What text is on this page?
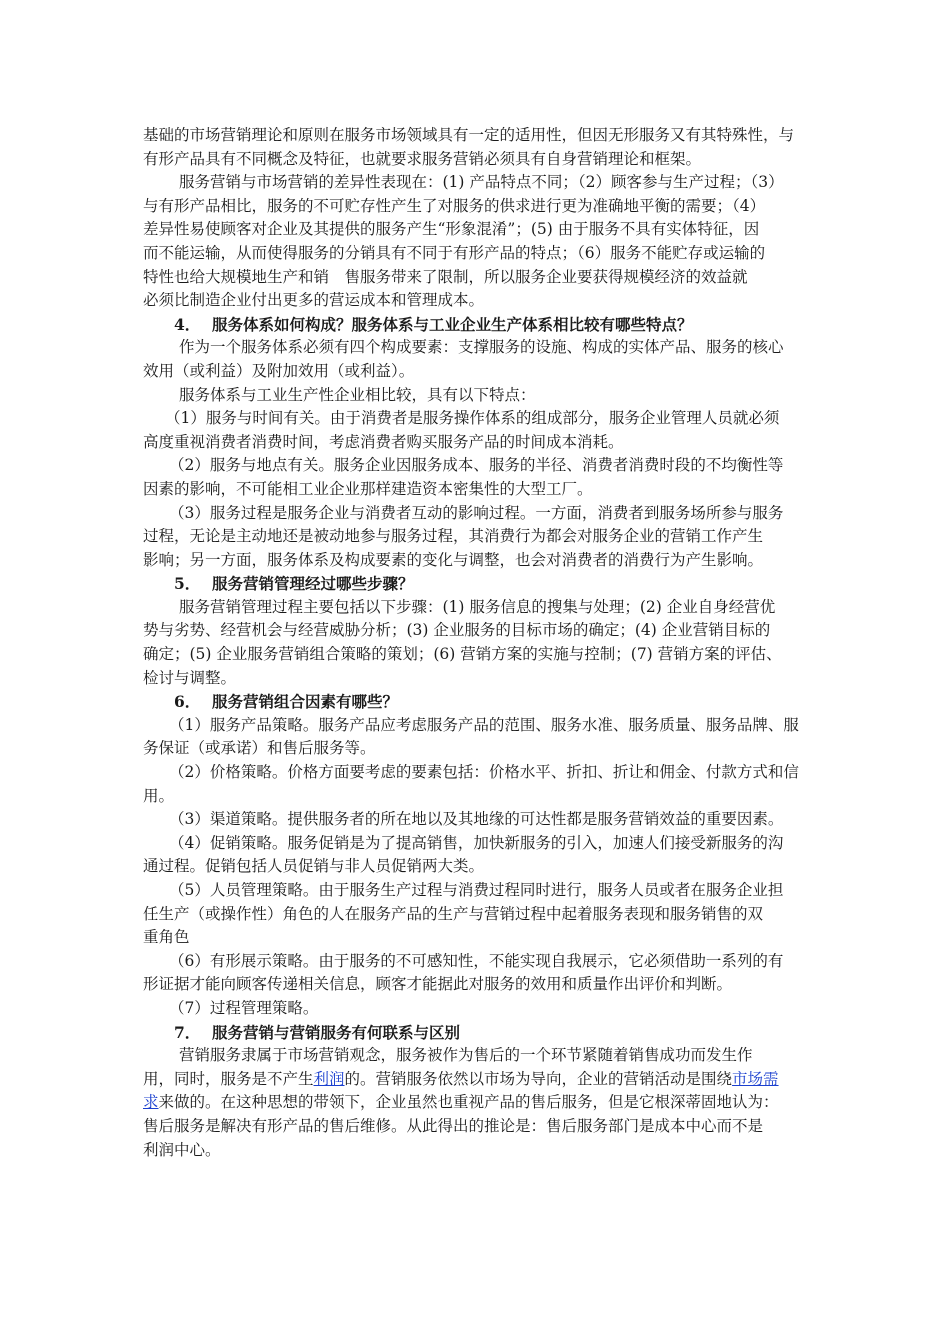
基础的市场营销理论和原则在服务市场领域具有一定的适用性，但因无形服务又有其特殊性，与
有形产品具有不同概念及特征，也就要求服务营销必须具有自身营销理论和框架。
服务营销与市场营销的差异性表现在：(1) 产品特点不同；（2）顾客参与生产过程；（3）
与有形产品相比，服务的不可贮存性产生了对服务的供求进行更为准确地平衡的需要；（4）
差异性易使顾客对企业及其提供的服务产生“形象混淆”；(5) 由于服务不具有实体特征，因
而不能运输，从而使得服务的分销具有不同于有形产品的特点；（6）服务不能贮存或运输的
特性也给大规模地生产和销　售服务带来了限制，所以服务企业要获得规模经济的效益就
必须比制造企业付出更多的营运成本和管理成本。
4． 服务体系如何构成？服务体系与工业企业生产体系相比较有哪些特点？
作为一个服务体系必须有四个构成要素：支撑服务的设施、构成的实体产品、服务的核心
效用（或利益）及附加效用（或利益）。
服务体系与工业生产性企业相比较，具有以下特点：
（1）服务与时间有关。由于消费者是服务操作体系的组成部分，服务企业管理人员就必须
高度重视消费者消费时间，考虑消费者购买服务产品的时间成本消耗。
（2）服务与地点有关。服务企业因服务成本、服务的半径、消费者消费时段的不均衡性等
因素的影响，不可能相工业企业那样建造资本密集性的大型工厂。
（3）服务过程是服务企业与消费者互动的影响过程。一方面，消费者到服务场所参与服务
过程，无论是主动地还是被动地参与服务过程，其消费行为都会对服务企业的营销工作产生
影响；另一方面，服务体系及构成要素的变化与调整，也会对消费者的消费行为产生影响。
5． 服务营销管理经过哪些步骤？
服务营销管理过程主要包括以下步骤：(1) 服务信息的搜集与处理；(2) 企业自身经营优
势与劣势、经营机会与经营威胁分析；(3) 企业服务的目标市场的确定；(4) 企业营销目标的
确定；(5) 企业服务营销组合策略的策划；(6) 营销方案的实施与控制；(7) 营销方案的评估、
检讨与调整。
6． 服务营销组合因素有哪些？
（1）服务产品策略。服务产品应考虑服务产品的范围、服务水准、服务质量、服务品牌、服
务保证（或承诺）和售后服务等。
（2）价格策略。价格方面要考虑的要素包括：价格水平、折扣、折让和佣金、付款方式和信
用。
（3）渠道策略。提供服务者的所在地以及其地缘的可达性都是服务营销效益的重要因素。
（4）促销策略。服务促销是为了提高销售，加快新服务的引入，加速人们接受新服务的沟
通过程。促销包括人员促销与非人员促销两大类。
（5）人员管理策略。由于服务生产过程与消费过程同时进行，服务人员或者在服务企业担
任生产（或操作性）角色的人在服务产品的生产与营销过程中起着服务表现和服务销售的双
重角色
（6）有形展示策略。由于服务的不可感知性，不能实现自我展示，它必须借助一系列的有
形证据才能向顾客传递相关信息，顾客才能据此对服务的效用和质量作出评价和判断。
（7）过程管理策略。
7． 服务营销与营销服务有何联系与区别
营销服务隶属于市场营销观念，服务被作为售后的一个环节紧随着销售成功而发生作
用，同时，服务是不产生利润的。营销服务依然以市场为导向，企业的营销活动是围绕市场需
求来做的。在这种思想的带领下，企业虽然也重视产品的售后服务，但是它根深蒂固地认为：
售后服务是解决有形产品的售后维修。从此得出的推论是：售后服务部门是成本中心而不是
利润中心。
